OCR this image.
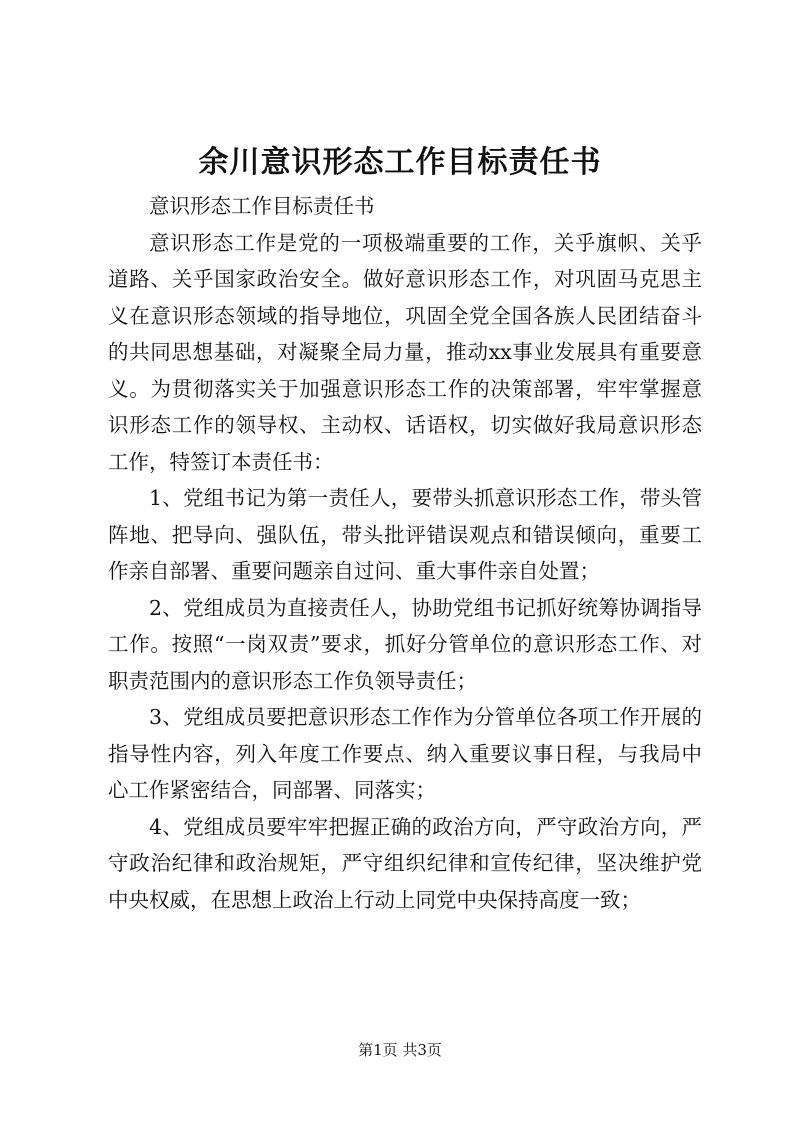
余川意识形态工作目标责任书

意识形态工作目标责任书

意识形态工作是党的一项极端重要的工作，关乎旗帜、关乎道路、关乎国家政治安全。做好意识形态工作，对巩固马克思主义在意识形态领域的指导地位，巩固全党全国各族人民团结奋斗的共同思想基础，对凝聚全局力量，推动xx事业发展具有重要意义。为贯彻落实关于加强意识形态工作的决策部署，牢牢掌握意识形态工作的领导权、主动权、话语权，切实做好我局意识形态工作，特签订本责任书：

1、党组书记为第一责任人，要带头抓意识形态工作，带头管阵地、把导向、强队伍，带头批评错误观点和错误倾向，重要工作亲自部署、重要问题亲自过问、重大事件亲自处置；

2、党组成员为直接责任人，协助党组书记抓好统筹协调指导工作。按照“一岗双责”要求，抓好分管单位的意识形态工作、对职责范围内的意识形态工作负领导责任；

3、党组成员要把意识形态工作作为分管单位各项工作开展的指导性内容，列入年度工作要点、纳入重要议事日程，与我局中心工作紧密结合，同部署、同落实；

4、党组成员要牢牢把握正确的政治方向，严守政治方向，严守政治纪律和政治规矩，严守组织纪律和宣传纪律，坚决维护党中央权威，在思想上政治上行动上同党中央保持高度一致；

第1页 共3页
